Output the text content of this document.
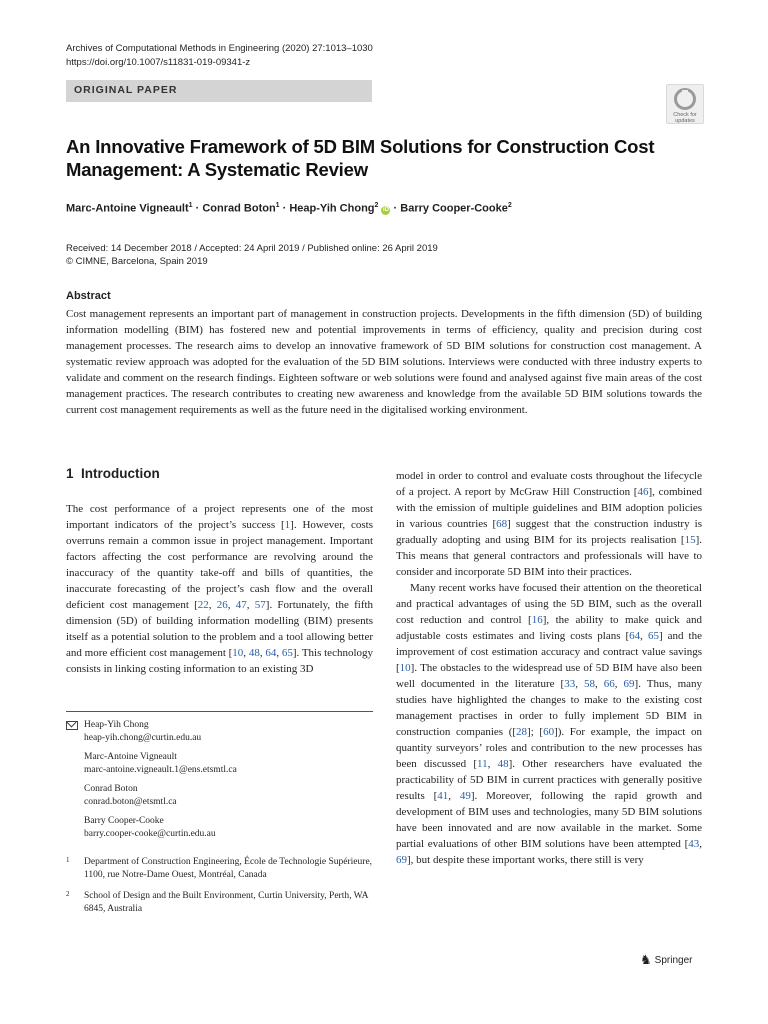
Archives of Computational Methods in Engineering (2020) 27:1013–1030
https://doi.org/10.1007/s11831-019-09341-z
ORIGINAL PAPER
Check for
updates
An Innovative Framework of 5D BIM Solutions for Construction Cost Management: A Systematic Review
Marc-Antoine Vigneault$^1$ · Conrad Boton$^1$ · Heap-Yih Chong$^2$ iD · Barry Cooper-Cooke$^2$
Received: 14 December 2018 / Accepted: 24 April 2019 / Published online: 26 April 2019
© CIMNE, Barcelona, Spain 2019
Abstract
Cost management represents an important part of management in construction projects. Developments in the fifth dimension (5D) of building information modelling (BIM) has fostered new and potential improvements in terms of efficiency, quality and precision during cost management processes. The research aims to develop an innovative framework of 5D BIM solutions for construction cost management. A systematic review approach was adopted for the evaluation of the 5D BIM solutions. Interviews were conducted with three industry experts to validate and comment on the research findings. Eighteen software or web solutions were found and analysed against five main areas of the cost management practices. The research contributes to creating new awareness and knowledge from the available 5D BIM solutions towards the current cost management requirements as well as the future need in the digitalised working environment.
1 Introduction
The cost performance of a project represents one of the most important indicators of the project’s success [1]. However, costs overruns remain a common issue in project management. Important factors affecting the cost performance are revolving around the inaccuracy of the quantity take-off and bills of quantities, the inaccurate forecasting of the project’s cash flow and the overall deficient cost management [22, 26, 47, 57]. Fortunately, the fifth dimension (5D) of building information modelling (BIM) presents itself as a potential solution to the problem and a tool allowing better and more efficient cost management [10, 48, 64, 65]. This technology consists in linking costing information to an existing 3D

model in order to control and evaluate costs throughout the lifecycle of a project. A report by McGraw Hill Construction [46], combined with the emission of multiple guidelines and BIM adoption policies in various countries [68] suggest that the construction industry is gradually adopting and using BIM for its projects realisation [15]. This means that general contractors and professionals will have to consider and incorporate 5D BIM into their practices.

Many recent works have focused their attention on the theoretical and practical advantages of using the 5D BIM, such as the overall cost reduction and control [16], the ability to make quick and adjustable costs estimates and living costs plans [64, 65] and the improvement of cost estimation accuracy and contract value savings [10]. The obstacles to the widespread use of 5D BIM have also been well documented in the literature [33, 58, 66, 69]. Thus, many studies have highlighted the changes to make to the existing cost management practises in order to fully implement 5D BIM in construction companies ([28]; [60]). For example, the impact on quantity surveyors’ roles and contribution to the new processes has been discussed [11, 48]. Other researchers have evaluated the practicability of 5D BIM in current practices with generally positive results [41, 49]. Moreover, following the rapid growth and development of BIM uses and technologies, many 5D BIM solutions have been innovated and are now available in the market. Some partial evaluations of other BIM solutions have been attempted [43, 69], but despite these important works, there still is very

Heap-Yih Chong
heap-yih.chong@curtin.edu.au
Marc-Antoine Vigneault
marc-antoine.vigneault.1@ens.etsmtl.ca
Conrad Boton
conrad.boton@etsmtl.ca
Barry Cooper-Cooke
barry.cooper-cooke@curtin.edu.au
1 Department of Construction Engineering, École de Technologie Supérieure, 1100, rue Notre-Dame Ouest, Montréal, Canada
2 School of Design and the Built Environment, Curtin University, Perth, WA 6845, Australia
♞ Springer
